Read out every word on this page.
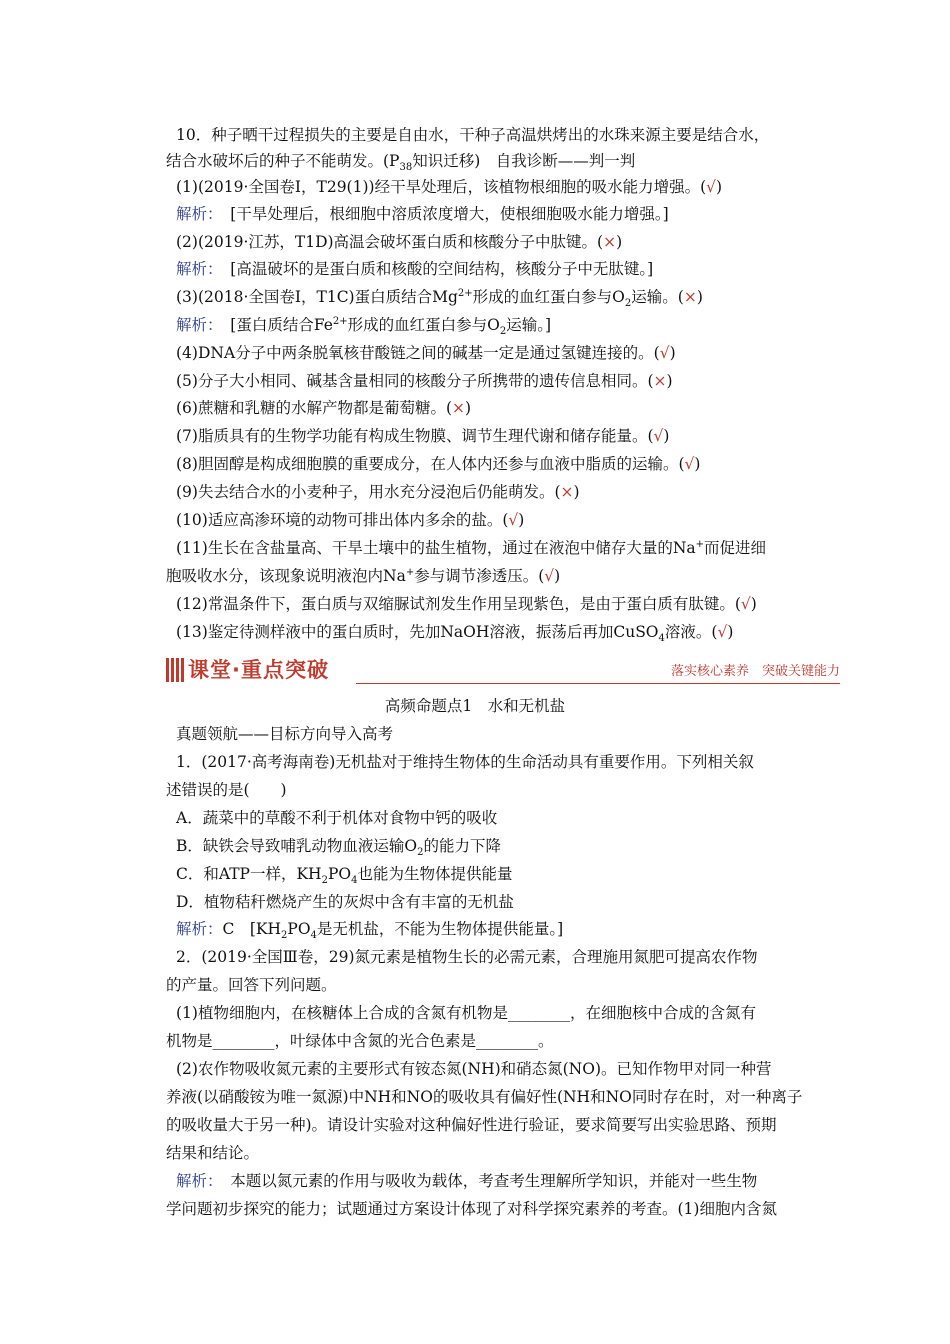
10．种子晒干过程损失的主要是自由水，干种子高温烘烤出的水珠来源主要是结合水，
结合水破坏后的种子不能萌发。($P_{38}$知识迁移)　自我诊断——判一判
(1)(2019·全国卷Ⅰ，T29(1))经干旱处理后，该植物根细胞的吸水能力增强。(√)
解析：　[干旱处理后，根细胞中溶质浓度增大，使根细胞吸水能力增强。]
(2)(2019·江苏，T1D)高温会破坏蛋白质和核酸分子中肽键。(×)
解析：　[高温破坏的是蛋白质和核酸的空间结构，核酸分子中无肽键。]
(3)(2018·全国卷Ⅰ，T1C)蛋白质结合$Mg^{2+}$形成的血红蛋白参与$O_2$运输。(×)
解析：　[蛋白质结合$Fe^{2+}$形成的血红蛋白参与$O_2$运输。]
(4)DNA分子中两条脱氧核苷酸链之间的碱基一定是通过氢键连接的。(√)
(5)分子大小相同、碱基含量相同的核酸分子所携带的遗传信息相同。(×)
(6)蔗糖和乳糖的水解产物都是葡萄糖。(×)
(7)脂质具有的生物学功能有构成生物膜、调节生理代谢和储存能量。(√)
(8)胆固醇是构成细胞膜的重要成分，在人体内还参与血液中脂质的运输。(√)
(9)失去结合水的小麦种子，用水充分浸泡后仍能萌发。(×)
(10)适应高渗环境的动物可排出体内多余的盐。(√)
(11)生长在含盐量高、干旱土壤中的盐生植物，通过在液泡中储存大量的Na+而促进细
胞吸收水分，该现象说明液泡内Na+参与调节渗透压。(√)
(12)常温条件下，蛋白质与双缩脲试剂发生作用呈现紫色，是由于蛋白质有肽键。(√)
(13)鉴定待测样液中的蛋白质时，先加NaOH溶液，振荡后再加CuSO$_4$溶液。(√)
课堂·重点突破	落实核心素养　突破关键能力
高频命题点1　水和无机盐
真题领航——目标方向导入高考
1．(2017·高考海南卷)无机盐对于维持生物体的生命活动具有重要作用。下列相关叙
述错误的是(　　)
A．蔬菜中的草酸不利于机体对食物中钙的吸收
B．缺铁会导致哺乳动物血液运输$O_2$的能力下降
C．和ATP一样，$KH_2PO_4$也能为生物体提供能量
D．植物秸秆燃烧产生的灰烬中含有丰富的无机盐
解析：C　[$KH_2PO_4$是无机盐，不能为生物体提供能量。]
2．(2019·全国Ⅲ卷，29)氮元素是植物生长的必需元素，合理施用氮肥可提高农作物
的产量。回答下列问题。
(1)植物细胞内，在核糖体上合成的含氮有机物是________，在细胞核中合成的含氮有
机物是________，叶绿体中含氮的光合色素是________。
(2)农作物吸收氮元素的主要形式有铵态氮(NH)和硝态氮(NO)。已知作物甲对同一种营
养液(以硝酸铵为唯一氮源)中NH和NO的吸收具有偏好性(NH和NO同时存在时，对一种离子
的吸收量大于另一种)。请设计实验对这种偏好性进行验证，要求简要写出实验思路、预期
结果和结论。
解析：　本题以氮元素的作用与吸收为载体，考查考生理解所学知识，并能对一些生物
学问题初步探究的能力；试题通过方案设计体现了对科学探究素养的考查。(1)细胞内含氮
